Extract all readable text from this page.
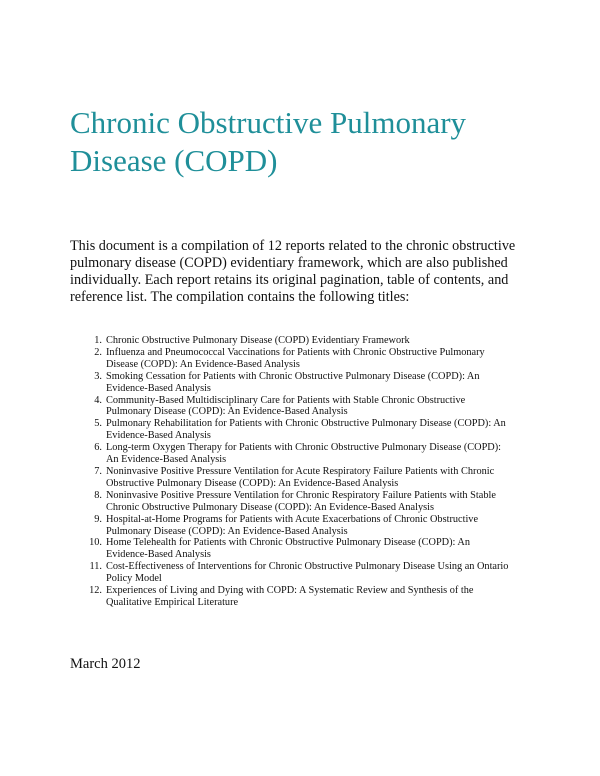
Chronic Obstructive Pulmonary
Disease (COPD)

This document is a compilation of 12 reports related to the chronic obstructive
pulmonary disease (COPD) evidentiary framework, which are also published
individually. Each report retains its original pagination, table of contents, and
reference list. The compilation contains the following titles:

1. Chronic Obstructive Pulmonary Disease (COPD) Evidentiary Framework
2. Influenza and Pneumococcal Vaccinations for Patients with Chronic Obstructive Pulmonary
Disease (COPD): An Evidence-Based Analysis
3. Smoking Cessation for Patients with Chronic Obstructive Pulmonary Disease (COPD): An
Evidence-Based Analysis
4. Community-Based Multidisciplinary Care for Patients with Stable Chronic Obstructive
Pulmonary Disease (COPD): An Evidence-Based Analysis
5. Pulmonary Rehabilitation for Patients with Chronic Obstructive Pulmonary Disease (COPD): An
Evidence-Based Analysis
6. Long-term Oxygen Therapy for Patients with Chronic Obstructive Pulmonary Disease (COPD):
An Evidence-Based Analysis
7. Noninvasive Positive Pressure Ventilation for Acute Respiratory Failure Patients with Chronic
Obstructive Pulmonary Disease (COPD): An Evidence-Based Analysis
8. Noninvasive Positive Pressure Ventilation for Chronic Respiratory Failure Patients with Stable
Chronic Obstructive Pulmonary Disease (COPD): An Evidence-Based Analysis
9. Hospital-at-Home Programs for Patients with Acute Exacerbations of Chronic Obstructive
Pulmonary Disease (COPD): An Evidence-Based Analysis
10. Home Telehealth for Patients with Chronic Obstructive Pulmonary Disease (COPD): An
Evidence-Based Analysis
11. Cost-Effectiveness of Interventions for Chronic Obstructive Pulmonary Disease Using an Ontario
Policy Model
12. Experiences of Living and Dying with COPD: A Systematic Review and Synthesis of the
Qualitative Empirical Literature

March 2012
